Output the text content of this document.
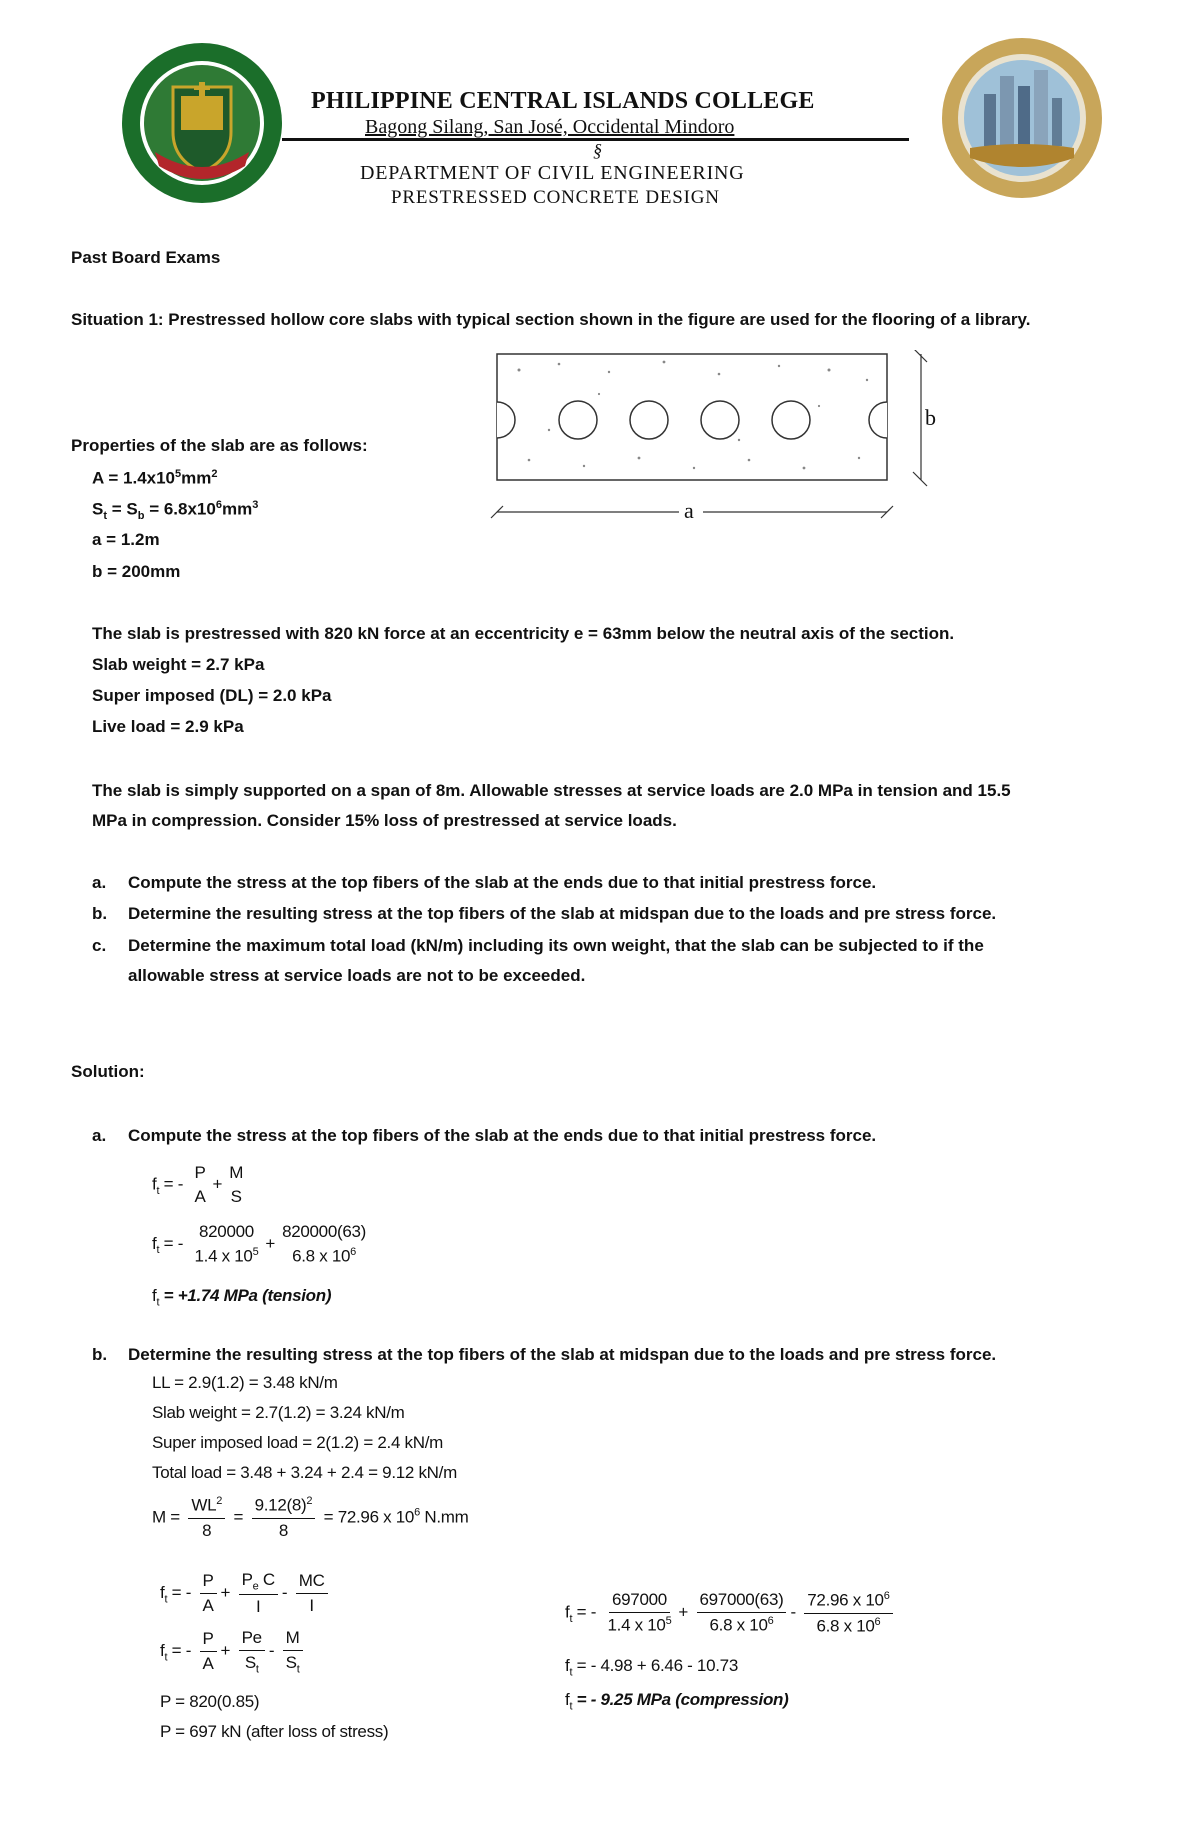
PHILIPPINE CENTRAL ISLANDS COLLEGE
Bagong Silang, San José, Occidental Mindoro
§
DEPARTMENT OF CIVIL ENGINEERING
PRESTRESSED CONCRETE DESIGN
Past Board Exams
Situation 1: Prestressed hollow core slabs with typical section shown in the figure are used for the flooring of a library.
b
a
Properties of the slab are as follows:
$A = 1.4x10^5mm^2$
$S_t = S_b = 6.8x10^6mm^3$
a = 1.2m
b = 200mm
The slab is prestressed with 820 kN force at an eccentricity e = 63mm below the neutral axis of the section.
Slab weight = 2.7 kPa
Super imposed (DL) = 2.0 kPa
Live load = 2.9 kPa
The slab is simply supported on a span of 8m. Allowable stresses at service loads are 2.0 MPa in tension and 15.5
MPa in compression. Consider 15% loss of prestressed at service loads.
a. Compute the stress at the top fibers of the slab at the ends due to that initial prestress force.
b. Determine the resulting stress at the top fibers of the slab at midspan due to the loads and pre stress force.
c. Determine the maximum total load (kN/m) including its own weight, that the slab can be subjected to if the
allowable stress at service loads are not to be exceeded.
Solution:
a. Compute the stress at the top fibers of the slab at the ends due to that initial prestress force.
$f_t$ = -
P
A
+
M
S
$f_t$ = -
820000
1.4 x $10^5$ +
820000(63)
6.8 x $10^6$
$f_t = +1.74$ MPa (tension)
b. Determine the resulting stress at the top fibers of the slab at midspan due to the loads and pre stress force.
LL = 2.9(1.2) = 3.48 kN/m
Slab weight = 2.7(1.2) = 3.24 kN/m
Super imposed load = 2(1.2) = 2.4 kN/m
Total load = 3.48 + 3.24 + 2.4 = 9.12 kN/m
$M = \frac{WL^2}{8} = \frac{9.12(8)^2}{8} = 72.96$ x $10^6$ N.mm
$f_t$ = - $\frac{P}{A} + \frac{P_e C}{I} - \frac{MC}{I}$
$f_t$ = - $\frac{P}{A} + \frac{Pe}{S_t} - \frac{M}{S_t}$
P = 820(0.85)
P = 697 kN (after loss of stress)
$f_t$ = - $\frac{697000}{1.4 x 10^5} + \frac{697000(63)}{6.8 x 10^6} - \frac{72.96 x 10^6}{6.8 x 10^6}$
$f_t$ = - 4.98 + 6.46 - 10.73
$f_t$ = - 9.25 MPa (compression)
